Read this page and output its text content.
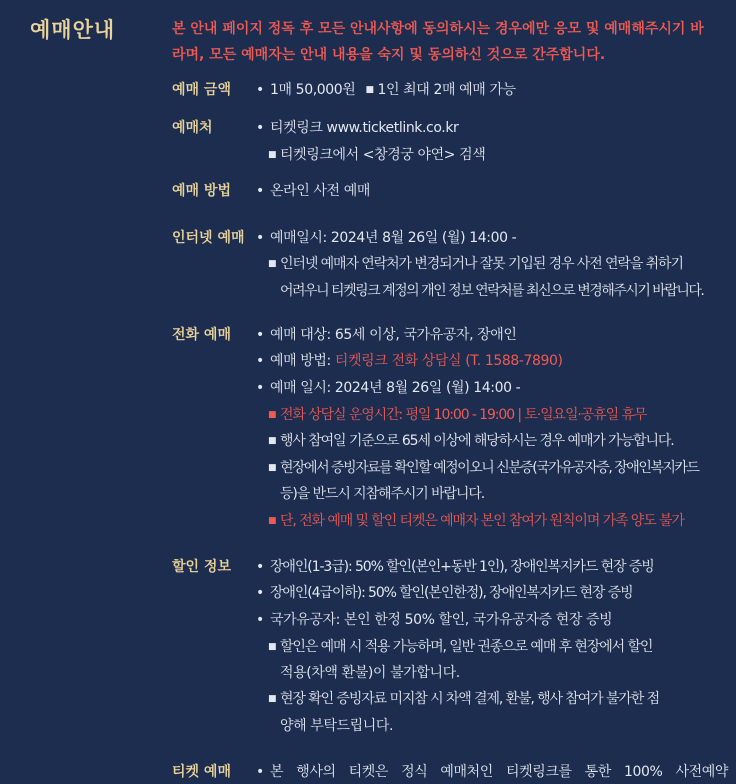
예매안내	본 안내 페이지 정독 후 모든 안내사항에 동의하시는 경우에만 응모 및 예매해주시기 바라며, 모든 예매자는 안내 내용을 숙지 및 동의하신 것으로 간주합니다.
예매 금액 • 1매 50,000원 ■ 1인 최대 2매 예매 가능
예매처	• 티켓링크 www.ticketlink.co.kr
■ 티켓링크에서 <창경궁 야연> 검색
예매 방법 • 온라인 사전 예매
인터넷 예매 • 예매일시: 2024년 8월 26일 (월) 14:00 -
■ 인터넷 예매자 연락처가 변경되거나 잘못 기입된 경우 사전 연락을 취하기
어려우니 티켓링크 계정의 개인 정보 연락처를 최신으로 변경해주시기 바랍니다.
전화 예매 • 예매 대상: 65세 이상, 국가유공자, 장애인
• 예매 방법: 티켓링크 전화 상담실 (T. 1588-7890)
• 예매 일시: 2024년 8월 26일 (월) 14:00 -
■ 전화 상담실 운영시간: 평일 10:00 - 19:00 | 토·일요일·공휴일 휴무
■ 행사 참여일 기준으로 65세 이상에 해당하시는 경우 예매가 가능합니다.
■ 현장에서 증빙자료를 확인할 예정이오니 신분증(국가유공자증, 장애인복지카드
등)을 반드시 지참해주시기 바랍니다.
■ 단, 전화 예매 및 할인 티켓은 예매자 본인 참여가 원칙이며 가족 양도 불가
할인 정보 • 장애인(1-3급): 50% 할인(본인+동반 1인), 장애인복지카드 현장 증빙
• 장애인(4급이하): 50% 할인(본인한정), 장애인복지카드 현장 증빙
• 국가유공자: 본인 한정 50% 할인, 국가유공자증 현장 증빙
■ 할인은 예매 시 적용 가능하며, 일반 권종으로 예매 후 현장에서 할인
적용(차액 환불)이 불가합니다.
■ 현장 확인 증빙자료 미지참 시 차액 결제, 환불, 행사 참여가 불가한 점
양해 부탁드립니다.
티켓 예매 • 본 행사의 티켓은 정식 예매처인 티켓링크를 통한 100% 사전예약
